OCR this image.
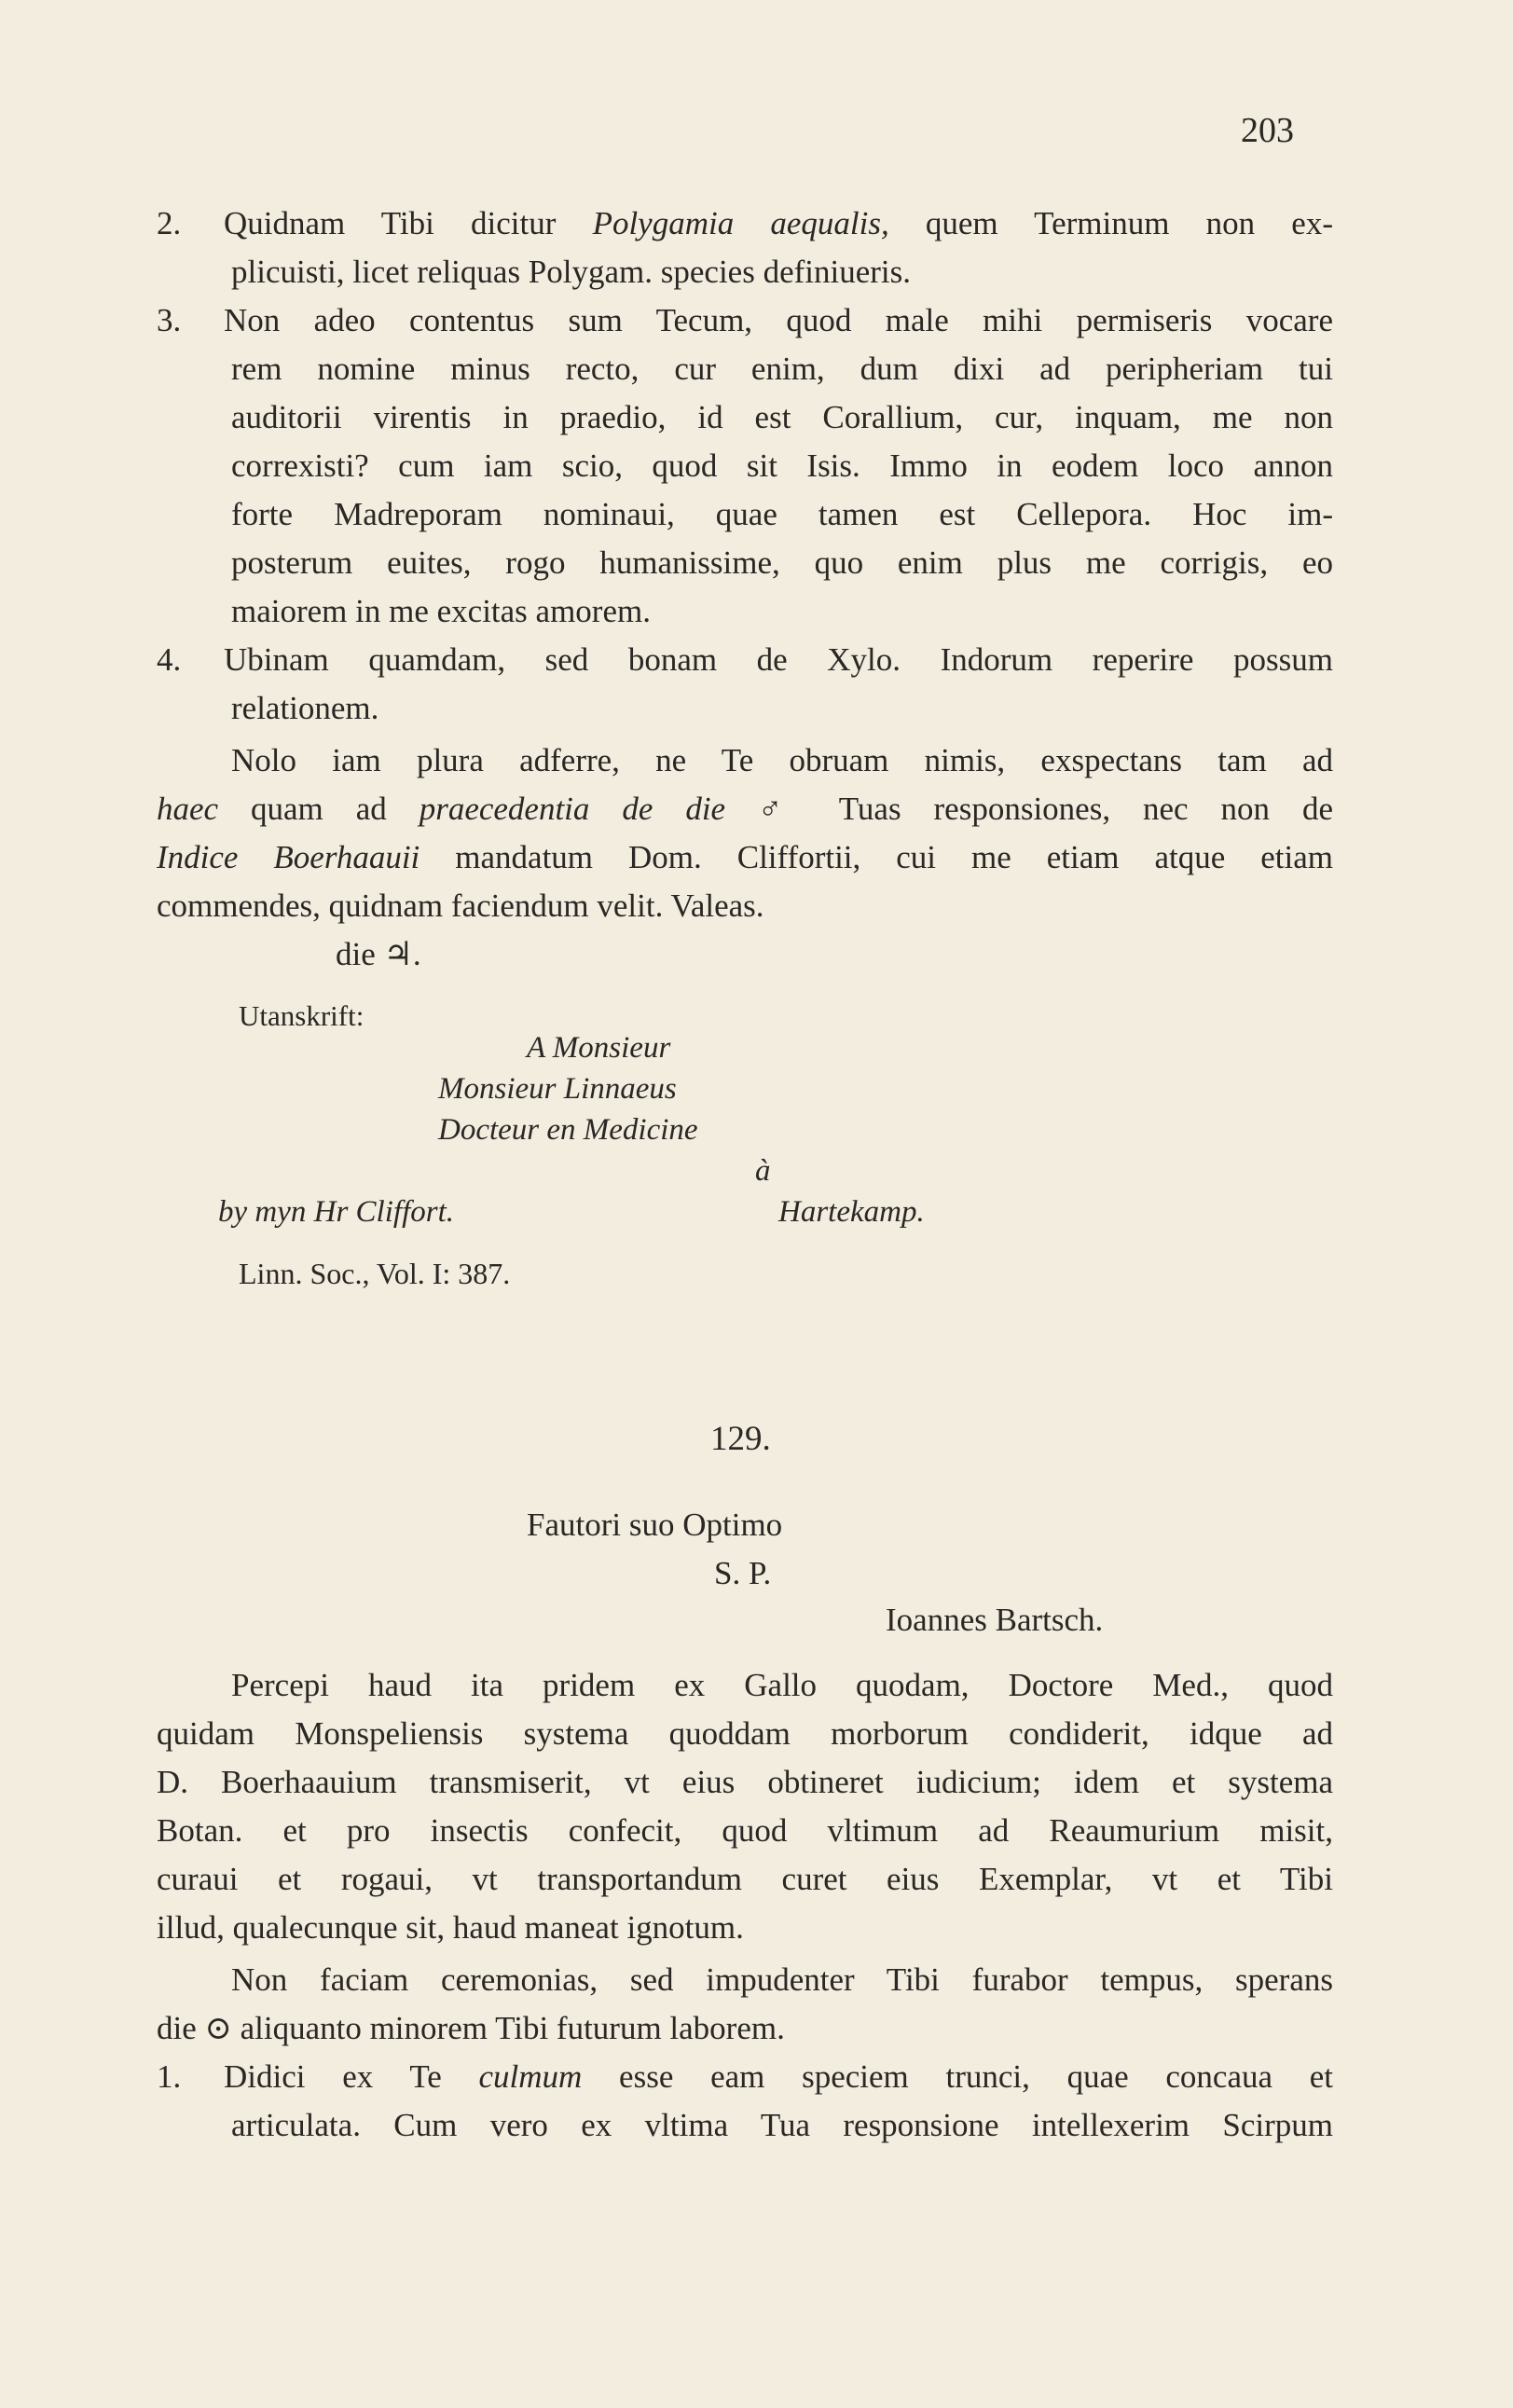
203
2. Quidnam Tibi dicitur Polygamia aequalis, quem Terminum non ex-
plicuisti, licet reliquas Polygam. species definiueris.
3. Non adeo contentus sum Tecum, quod male mihi permiseris vocare
rem nomine minus recto, cur enim, dum dixi ad peripheriam tui
auditorii virentis in praedio, id est Corallium, cur, inquam, me non
correxisti? cum iam scio, quod sit Isis. Immo in eodem loco annon
forte Madreporam nominaui, quae tamen est Cellepora. Hoc im-
posterum euites, rogo humanissime, quo enim plus me corrigis, eo
maiorem in me excitas amorem.
4. Ubinam quamdam, sed bonam de Xylo. Indorum reperire possum
relationem.
Nolo iam plura adferre, ne Te obruam nimis, exspectans tam ad
haec quam ad praecedentia de die ♂ Tuas responsiones, nec non de
Indice Boerhaauii mandatum Dom. Cliffortii, cui me etiam atque etiam
commendes, quidnam faciendum velit. Valeas.
die ♃.
Utanskrift:
A Monsieur
Monsieur Linnaeus
Docteur en Medicine
à
by myn Hr Cliffort.	Hartekamp.
Linn. Soc., Vol. I: 387.
129.
Fautori suo Optimo
S. P.
Ioannes Bartsch.
Percepi haud ita pridem ex Gallo quodam, Doctore Med., quod
quidam Monspeliensis systema quoddam morborum condiderit, idque ad
D. Boerhaauium transmiserit, vt eius obtineret iudicium; idem et systema
Botan. et pro insectis confecit, quod vltimum ad Reaumurium misit,
curaui et rogaui, vt transportandum curet eius Exemplar, vt et Tibi
illud, qualecunque sit, haud maneat ignotum.
Non faciam ceremonias, sed impudenter Tibi furabor tempus, sperans
die ⊙ aliquanto minorem Tibi futurum laborem.
1. Didici ex Te culmum esse eam speciem trunci, quae concaua et
articulata. Cum vero ex vltima Tua responsione intellexerim Scirpum
